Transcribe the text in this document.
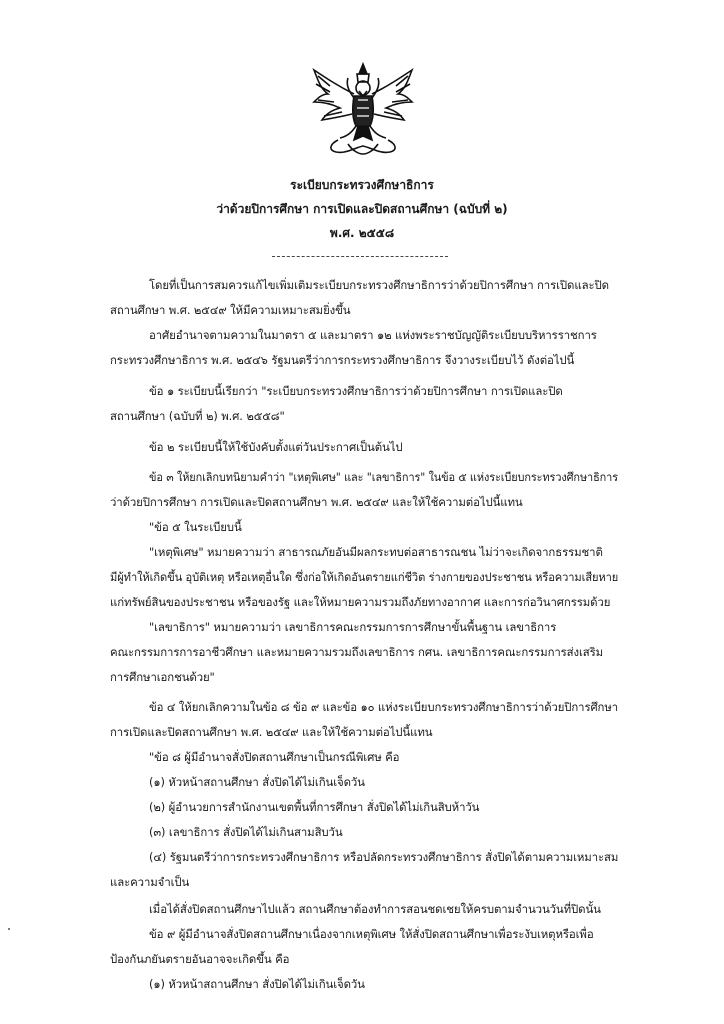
ระเบียบกระทรวงศึกษาธิการ
ว่าด้วยปิการศึกษา การเปิดและปิดสถานศึกษา (ฉบับที่ ๒)
พ.ศ. ๒๕๕๘
โดยที่เป็นการสมควรแก้ไขเพิ่มเติมระเบียบกระทรวงศึกษาธิการว่าด้วยปิการศึกษา การเปิดและปิด
สถานศึกษา พ.ศ. ๒๕๔๙ ให้มีความเหมาะสมยิ่งขึ้น
อาศัยอำนาจตามความในมาตรา ๕ และมาตรา ๑๒ แห่งพระราชบัญญัติระเบียบบริหารราชการ
กระทรวงศึกษาธิการ พ.ศ. ๒๕๔๖ รัฐมนตรีว่าการกระทรวงศึกษาธิการ จึงวางระเบียบไว้ ดังต่อไปนี้
ข้อ ๑ ระเบียบนี้เรียกว่า "ระเบียบกระทรวงศึกษาธิการว่าด้วยปิการศึกษา การเปิดและปิด
สถานศึกษา (ฉบับที่ ๒) พ.ศ. ๒๕๕๘"
ข้อ ๒ ระเบียบนี้ให้ใช้บังคับตั้งแต่วันประกาศเป็นต้นไป
ข้อ ๓ ให้ยกเลิกบทนิยามคำว่า "เหตุพิเศษ" และ "เลขาธิการ" ในข้อ ๕ แห่งระเบียบกระทรวงศึกษาธิการ
ว่าด้วยปิการศึกษา การเปิดและปิดสถานศึกษา พ.ศ. ๒๕๔๙ และให้ใช้ความต่อไปนี้แทน
"ข้อ ๕ ในระเบียบนี้
"เหตุพิเศษ" หมายความว่า สาธารณภัยอันมีผลกระทบต่อสาธารณชน ไม่ว่าจะเกิดจากธรรมชาติ
มีผู้ทำให้เกิดขึ้น อุบัติเหตุ หรือเหตุอื่นใด ซึ่งก่อให้เกิดอันตรายแก่ชีวิต ร่างกายของประชาชน หรือความเสียหาย
แก่ทรัพย์สินของประชาชน หรือของรัฐ และให้หมายความรวมถึงภัยทางอากาศ และการก่อวินาศกรรมด้วย
"เลขาธิการ" หมายความว่า เลขาธิการคณะกรรมการการศึกษาขั้นพื้นฐาน เลขาธิการ
คณะกรรมการการอาชีวศึกษา และหมายความรวมถึงเลขาธิการ กศน. เลขาธิการคณะกรรมการส่งเสริม
การศึกษาเอกชนด้วย"
ข้อ ๔ ให้ยกเลิกความในข้อ ๘ ข้อ ๙ และข้อ ๑๐ แห่งระเบียบกระทรวงศึกษาธิการว่าด้วยปิการศึกษา
การเปิดและปิดสถานศึกษา พ.ศ. ๒๕๔๙ และให้ใช้ความต่อไปนี้แทน
"ข้อ ๘ ผู้มีอำนาจสั่งปิดสถานศึกษาเป็นกรณีพิเศษ คือ
(๑) หัวหน้าสถานศึกษา สั่งปิดได้ไม่เกินเจ็ดวัน
(๒) ผู้อำนวยการสำนักงานเขตพื้นที่การศึกษา สั่งปิดได้ไม่เกินสิบห้าวัน
(๓) เลขาธิการ สั่งปิดได้ไม่เกินสามสิบวัน
(๔) รัฐมนตรีว่าการกระทรวงศึกษาธิการ หรือปลัดกระทรวงศึกษาธิการ สั่งปิดได้ตามความเหมาะสม
และความจำเป็น
เมื่อได้สั่งปิดสถานศึกษาไปแล้ว สถานศึกษาต้องทำการสอนชดเชยให้ครบตามจำนวนวันที่ปิดนั้น
ข้อ ๙ ผู้มีอำนาจสั่งปิดสถานศึกษาเนื่องจากเหตุพิเศษ ให้สั่งปิดสถานศึกษาเพื่อระงับเหตุหรือเพื่อ
ป้องกันภยันตรายอันอาจจะเกิดขึ้น คือ
(๑) หัวหน้าสถานศึกษา สั่งปิดได้ไม่เกินเจ็ดวัน
